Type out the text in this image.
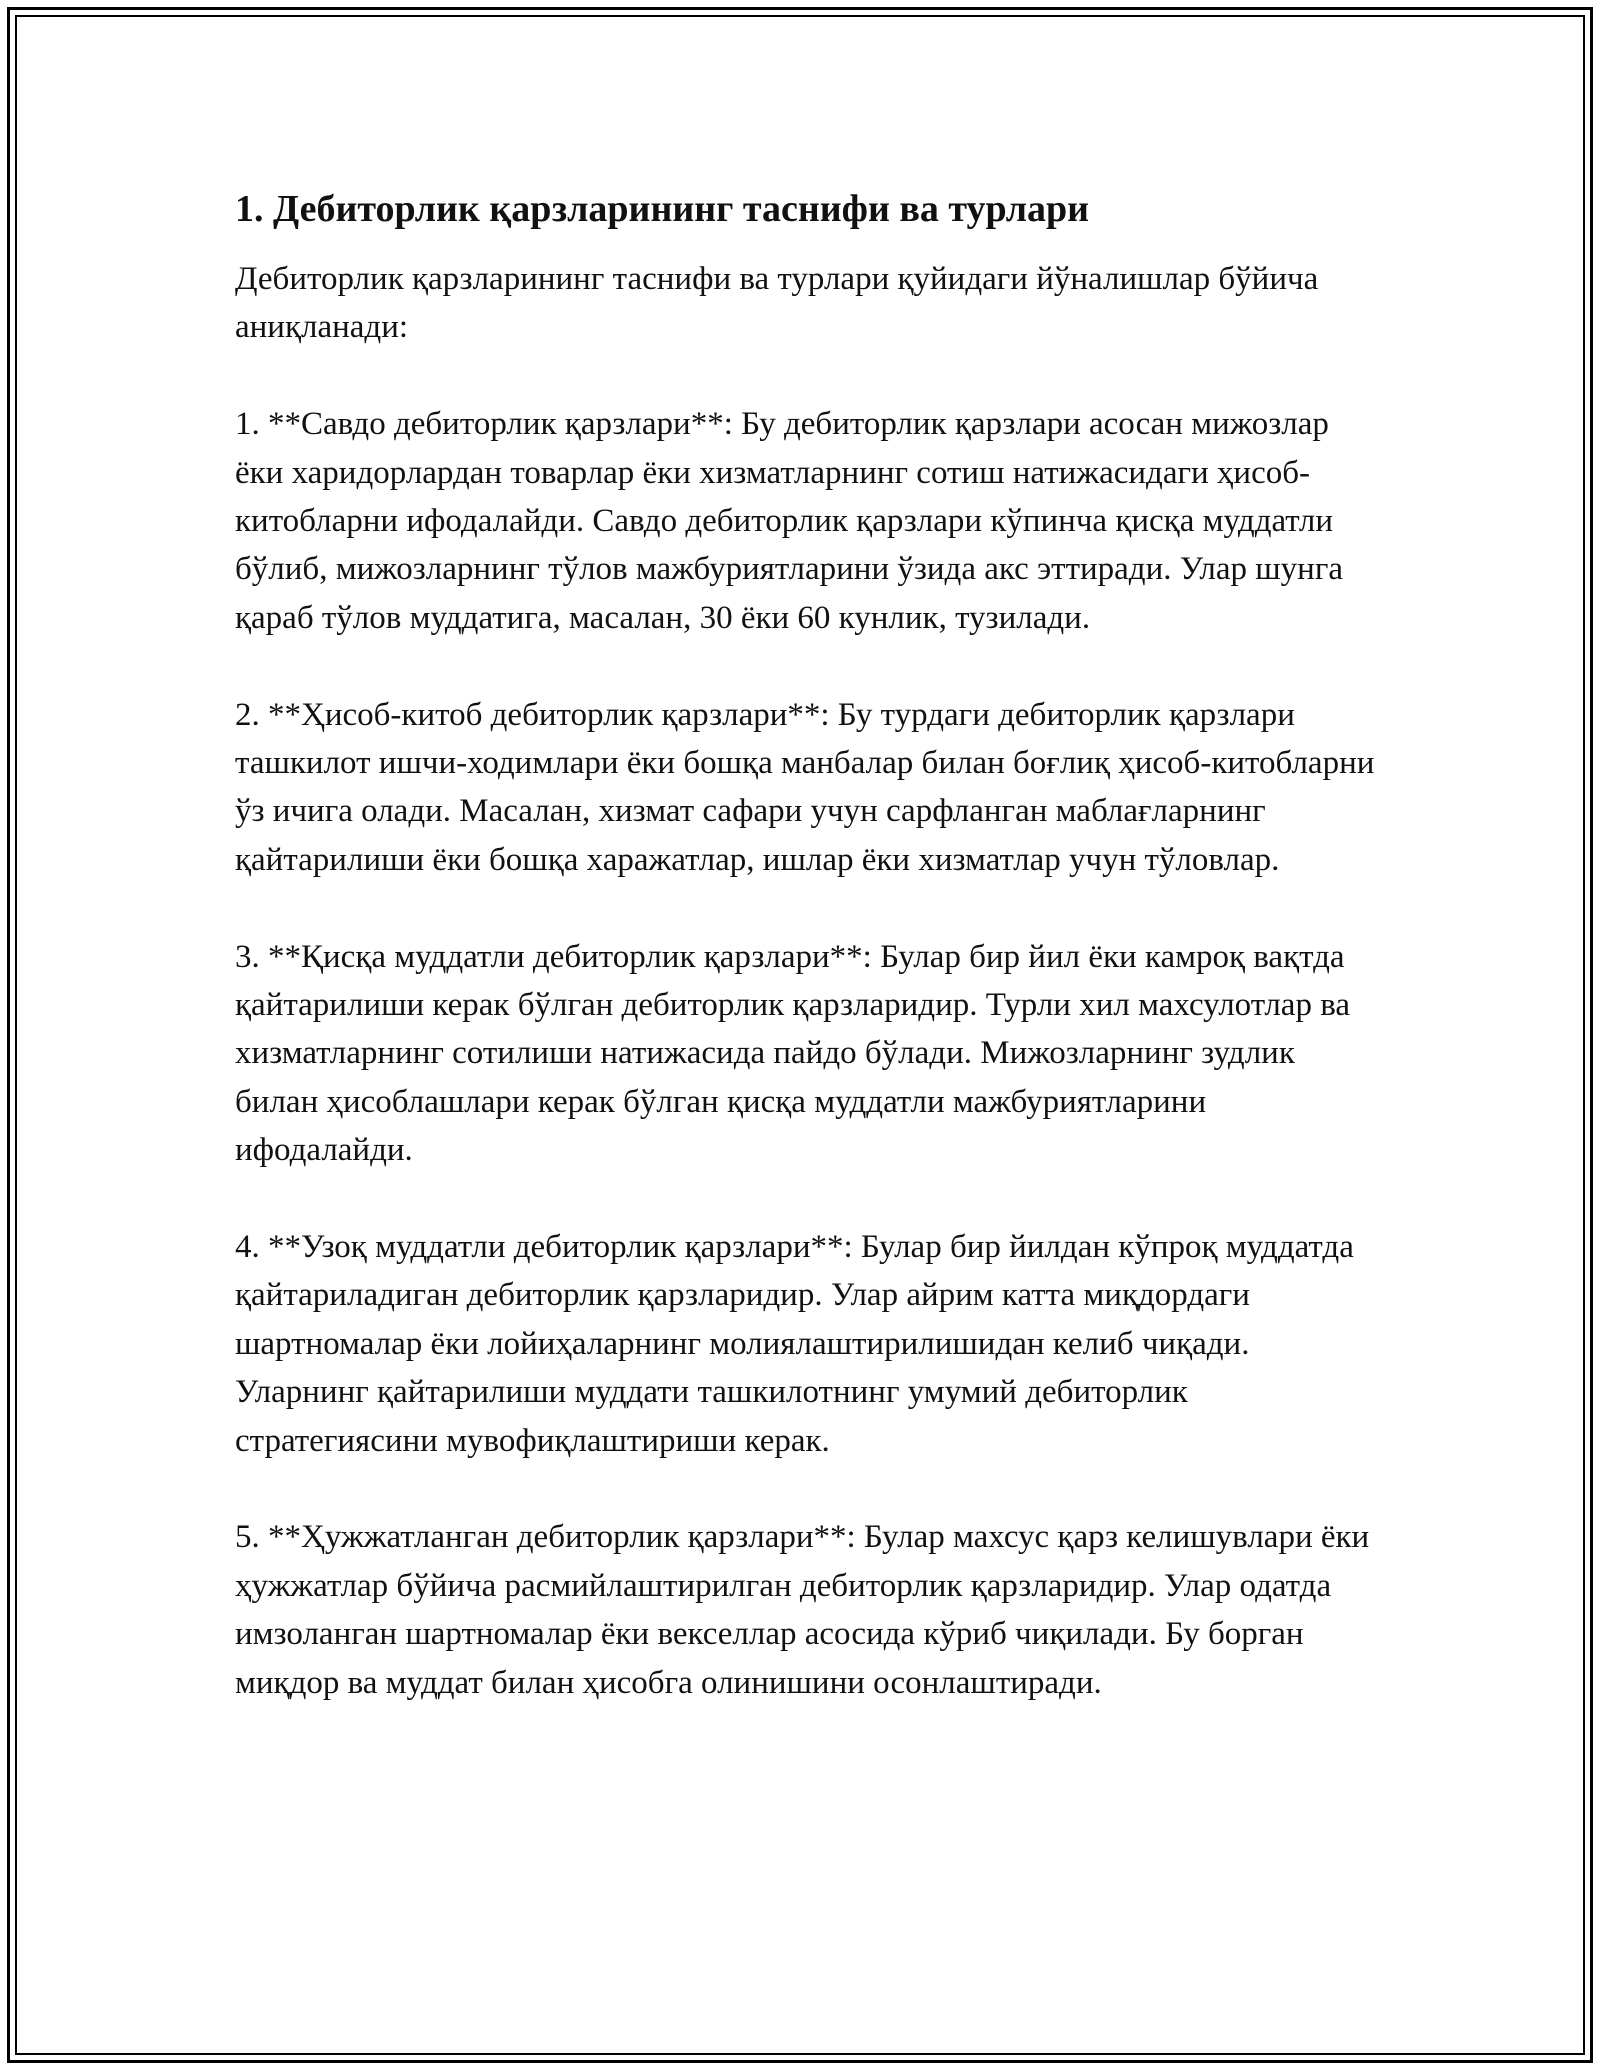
1. Дебиторлик қарзларининг таснифи ва турлари

Дебиторлик қарзларининг таснифи ва турлари қуйидаги йўналишлар бўйича аниқланади:

1. **Савдо дебиторлик қарзлари**: Бу дебиторлик қарзлари асосан мижозлар ёки харидорлардан товарлар ёки хизматларнинг сотиш натижасидаги ҳисоб-китобларни ифодалайди. Савдо дебиторлик қарзлари кўпинча қисқа муддатли бўлиб, мижозларнинг тўлов мажбуриятларини ўзида акс эттиради. Улар шунга қараб тўлов муддатига, масалан, 30 ёки 60 кунлик, тузилади.

2. **Ҳисоб-китоб дебиторлик қарзлари**: Бу турдаги дебиторлик қарзлари ташкилот ишчи-ходимлари ёки бошқа манбалар билан боғлиқ ҳисоб-китобларни ўз ичига олади. Масалан, хизмат сафари учун сарфланган маблағларнинг қайтарилиши ёки бошқа харажатлар, ишлар ёки хизматлар учун тўловлар.

3. **Қисқа муддатли дебиторлик қарзлари**: Булар бир йил ёки камроқ вақтда қайтарилиши керак бўлган дебиторлик қарзларидир. Турли хил махсулотлар ва хизматларнинг сотилиши натижасида пайдо бўлади. Мижозларнинг зудлик билан ҳисоблашлари керак бўлган қисқа муддатли мажбуриятларини ифодалайди.

4. **Узоқ муддатли дебиторлик қарзлари**: Булар бир йилдан кўпроқ муддатда қайтариладиган дебиторлик қарзларидир. Улар айрим катта миқдордаги шартномалар ёки лойиҳаларнинг молиялаштирилишидан келиб чиқади. Уларнинг қайтарилиши муддати ташкилотнинг умумий дебиторлик стратегиясини мувофиқлаштириши керак.

5. **Ҳужжатланган дебиторлик қарзлари**: Булар махсус қарз келишувлари ёки ҳужжатлар бўйича расмийлаштирилган дебиторлик қарзларидир. Улар одатда имзоланган шартномалар ёки векселлар асосида кўриб чиқилади. Бу борган миқдор ва муддат билан ҳисобга олинишини осонлаштиради.
